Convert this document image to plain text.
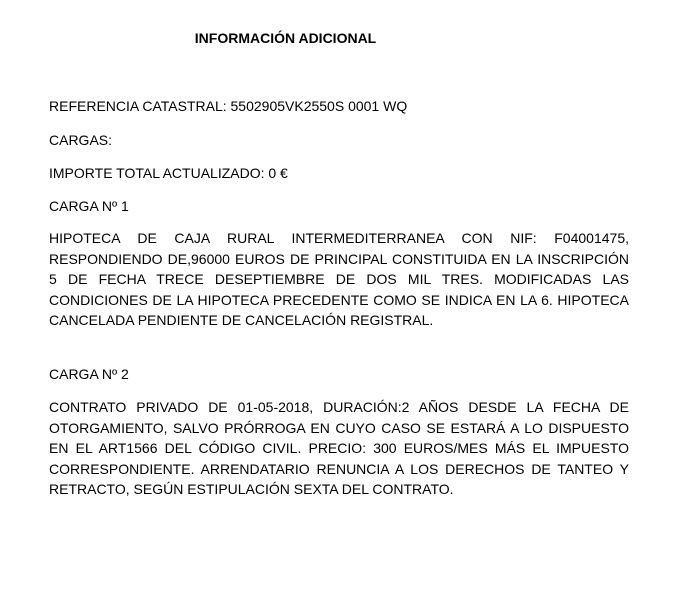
INFORMACIÓN ADICIONAL

REFERENCIA CATASTRAL: 5502905VK2550S 0001 WQ

CARGAS:

IMPORTE TOTAL ACTUALIZADO: 0 €

CARGA Nº 1

HIPOTECA DE CAJA RURAL INTERMEDITERRANEA CON NIF: F04001475, RESPONDIENDO DE,96000 EUROS DE PRINCIPAL CONSTITUIDA EN LA INSCRIPCIÓN 5 DE FECHA TRECE DESEPTIEMBRE DE DOS MIL TRES. MODIFICADAS LAS CONDICIONES DE LA HIPOTECA PRECEDENTE COMO SE INDICA EN LA 6. HIPOTECA CANCELADA PENDIENTE DE CANCELACIÓN REGISTRAL.

CARGA Nº 2

CONTRATO PRIVADO DE 01-05-2018, DURACIÓN:2 AÑOS DESDE LA FECHA DE OTORGAMIENTO, SALVO PRÓRROGA EN CUYO CASO SE ESTARÁ A LO DISPUESTO EN EL ART1566 DEL CÓDIGO CIVIL. PRECIO: 300 EUROS/MES MÁS EL IMPUESTO CORRESPONDIENTE. ARRENDATARIO RENUNCIA A LOS DERECHOS DE TANTEO Y RETRACTO, SEGÚN ESTIPULACIÓN SEXTA DEL CONTRATO.
